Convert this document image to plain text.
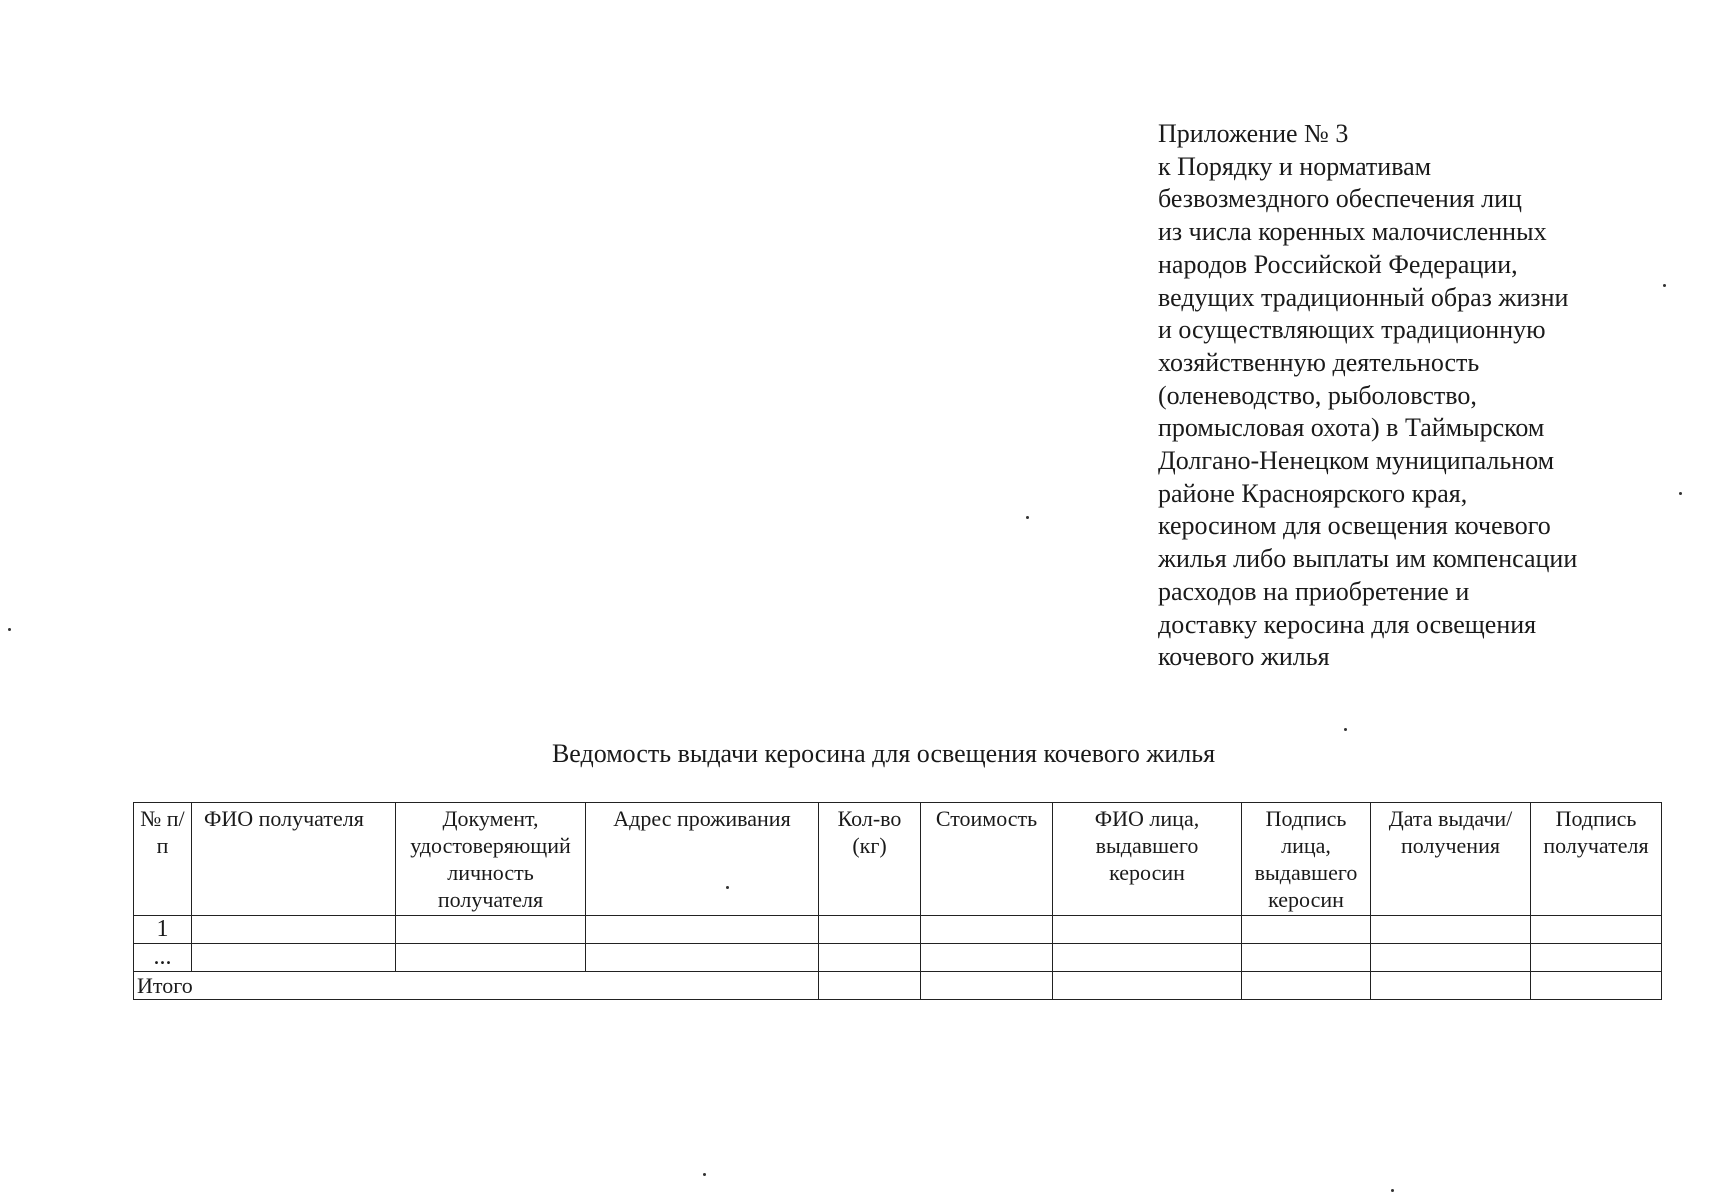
Приложение № 3
к Порядку и нормативам
безвозмездного обеспечения лиц
из числа коренных малочисленных
народов Российской Федерации,
ведущих традиционный образ жизни
и осуществляющих традиционную
хозяйственную деятельность
(оленеводство, рыболовство,
промысловая охота) в Таймырском
Долгано-Ненецком муниципальном
районе Красноярского края,
керосином для освещения кочевого
жилья либо выплаты им компенсации
расходов на приобретение и
доставку керосина для освещения
кочевого жилья
Ведомость выдачи керосина для освещения кочевого жилья
№ п/п	ФИО получателя	Документ, удостоверяющий личность получателя	Адрес проживания	Кол-во (кг)	Стоимость	ФИО лица, выдавшего керосин	Подпись лица, выдавшего керосин	Дата выдачи/ получения	Подпись получателя
1									
...									
Итого									
